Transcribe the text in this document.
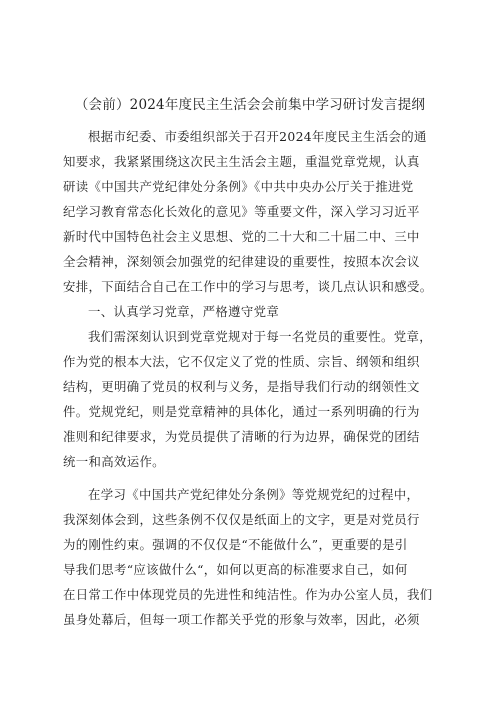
（会前）2024年度民主生活会会前集中学习研讨发言提纲
根据市纪委、市委组织部关于召开2024年度民主生活会的通
知要求，我紧紧围绕这次民主生活会主题，重温党章党规，认真
研读《中国共产党纪律处分条例》《中共中央办公厅关于推进党
纪学习教育常态化长效化的意见》等重要文件，深入学习习近平
新时代中国特色社会主义思想、党的二十大和二十届二中、三中
全会精神，深刻领会加强党的纪律建设的重要性，按照本次会议
安排，下面结合自己在工作中的学习与思考，谈几点认识和感受。
一、认真学习党章，严格遵守党章
我们需深刻认识到党章党规对于每一名党员的重要性。党章，
作为党的根本大法，它不仅定义了党的性质、宗旨、纲领和组织
结构，更明确了党员的权利与义务，是指导我们行动的纲领性文
件。党规党纪，则是党章精神的具体化，通过一系列明确的行为
准则和纪律要求，为党员提供了清晰的行为边界，确保党的团结
统一和高效运作。
在学习《中国共产党纪律处分条例》等党规党纪的过程中，
我深刻体会到，这些条例不仅仅是纸面上的文字，更是对党员行
为的刚性约束。强调的不仅仅是“不能做什么”，更重要的是引
导我们思考“应该做什么“，如何以更高的标准要求自己，如何
在日常工作中体现党员的先进性和纯洁性。作为办公室人员，我们
虽身处幕后，但每一项工作都关乎党的形象与效率，因此，必须
